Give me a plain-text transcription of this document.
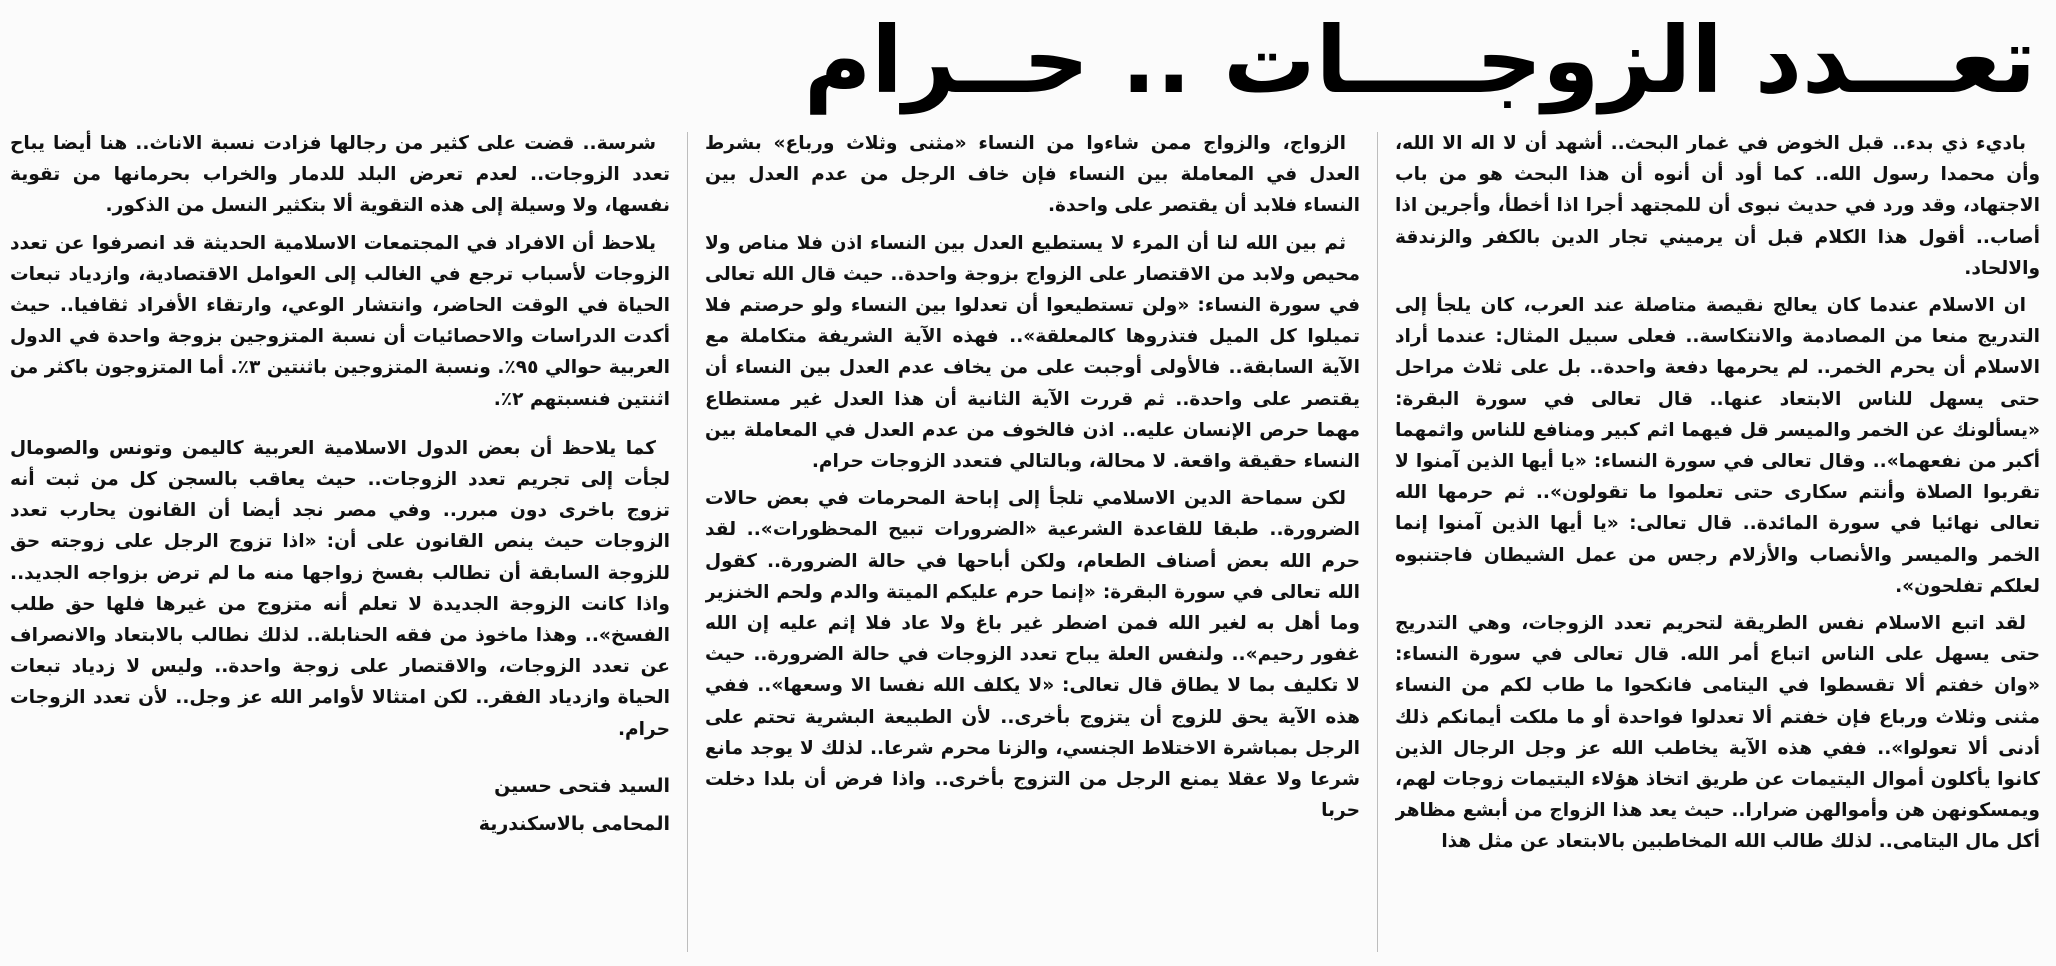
تعـــدد الزوجــــات .. حــرام

باديء ذي بدء.. قبل الخوض في غمار البحث.. أشهد أن لا اله الا الله، وأن محمدا رسول الله.. كما أود أن أنوه أن هذا البحث هو من باب الاجتهاد، وقد ورد في حديث نبوى أن للمجتهد أجرا اذا أخطأ، وأجرين اذا أصاب.. أقول هذا الكلام قبل أن يرميني تجار الدين بالكفر والزندقة والالحاد.

ان الاسلام عندما كان يعالج نقيصة متاصلة عند العرب، كان يلجأ إلى التدريج منعا من المصادمة والانتكاسة.. فعلى سبيل المثال: عندما أراد الاسلام أن يحرم الخمر.. لم يحرمها دفعة واحدة.. بل على ثلاث مراحل حتى يسهل للناس الابتعاد عنها.. قال تعالى في سورة البقرة: «يسألونك عن الخمر والميسر قل فيهما اثم كبير ومنافع للناس واثمهما أكبر من نفعهما».. وقال تعالى في سورة النساء: «يا أيها الذين آمنوا لا تقربوا الصلاة وأنتم سكارى حتى تعلموا ما تقولون».. ثم حرمها الله تعالى نهائيا في سورة المائدة.. قال تعالى: «يا أيها الذين آمنوا إنما الخمر والميسر والأنصاب والأزلام رجس من عمل الشيطان فاجتنبوه لعلكم تفلحون».

لقد اتبع الاسلام نفس الطريقة لتحريم تعدد الزوجات، وهي التدريج حتى يسهل على الناس اتباع أمر الله. قال تعالى في سورة النساء: «وان خفتم ألا تقسطوا في اليتامى فانكحوا ما طاب لكم من النساء مثنى وثلاث ورباع فإن خفتم ألا تعدلوا فواحدة أو ما ملكت أيمانكم ذلك أدنى ألا تعولوا».. ففي هذه الآية يخاطب الله عز وجل الرجال الذين كانوا يأكلون أموال اليتيمات عن طريق اتخاذ هؤلاء اليتيمات زوجات لهم، ويمسكونهن هن وأموالهن ضرارا.. حيث يعد هذا الزواج من أبشع مظاهر أكل مال اليتامى.. لذلك طالب الله المخاطبين بالابتعاد عن مثل هذا

الزواج، والزواج ممن شاءوا من النساء «مثنى وثلاث ورباع» بشرط العدل في المعاملة بين النساء فإن خاف الرجل من عدم العدل بين النساء فلابد أن يقتصر على واحدة.

ثم بين الله لنا أن المرء لا يستطيع العدل بين النساء اذن فلا مناص ولا محيص ولابد من الاقتصار على الزواج بزوجة واحدة.. حيث قال الله تعالى في سورة النساء: «ولن تستطيعوا أن تعدلوا بين النساء ولو حرصتم فلا تميلوا كل الميل فتذروها كالمعلقة».. فهذه الآية الشريفة متكاملة مع الآية السابقة.. فالأولى أوجبت على من يخاف عدم العدل بين النساء أن يقتصر على واحدة.. ثم قررت الآية الثانية أن هذا العدل غير مستطاع مهما حرص الإنسان عليه.. اذن فالخوف من عدم العدل في المعاملة بين النساء حقيقة واقعة. لا محالة، وبالتالي فتعدد الزوجات حرام.

لكن سماحة الدين الاسلامي تلجأ إلى إباحة المحرمات في بعض حالات الضرورة.. طبقا للقاعدة الشرعية «الضرورات تبيح المحظورات».. لقد حرم الله بعض أصناف الطعام، ولكن أباحها في حالة الضرورة.. كقول الله تعالى في سورة البقرة: «إنما حرم عليكم الميتة والدم ولحم الخنزير وما أهل به لغير الله فمن اضطر غير باغ ولا عاد فلا إثم عليه إن الله غفور رحيم».. ولنفس العلة يباح تعدد الزوجات في حالة الضرورة.. حيث لا تكليف بما لا يطاق قال تعالى: «لا يكلف الله نفسا الا وسعها».. ففي هذه الآية يحق للزوج أن يتزوج بأخرى.. لأن الطبيعة البشرية تحتم على الرجل بمباشرة الاختلاط الجنسي، والزنا محرم شرعا.. لذلك لا يوجد مانع شرعا ولا عقلا يمنع الرجل من التزوج بأخرى.. واذا فرض أن بلدا دخلت حربا

شرسة.. قضت على كثير من رجالها فزادت نسبة الاناث.. هنا أيضا يباح تعدد الزوجات.. لعدم تعرض البلد للدمار والخراب بحرمانها من تقوية نفسها، ولا وسيلة إلى هذه التقوية ألا بتكثير النسل من الذكور.

يلاحظ أن الافراد في المجتمعات الاسلامية الحديثة قد انصرفوا عن تعدد الزوجات لأسباب ترجع في الغالب إلى العوامل الاقتصادية، وازدياد تبعات الحياة في الوقت الحاضر، وانتشار الوعي، وارتقاء الأفراد ثقافيا.. حيث أكدت الدراسات والاحصائيات أن نسبة المتزوجين بزوجة واحدة في الدول العربية حوالي ٩٥٪. ونسبة المتزوجين باثنتين ٣٪. أما المتزوجون باكثر من اثنتين فنسبتهم ٢٪.

كما يلاحظ أن بعض الدول الاسلامية العربية كاليمن وتونس والصومال لجأت إلى تجريم تعدد الزوجات.. حيث يعاقب بالسجن كل من ثبت أنه تزوج باخرى دون مبرر.. وفي مصر نجد أيضا أن القانون يحارب تعدد الزوجات حيث ينص القانون على أن: «اذا تزوج الرجل على زوجته حق للزوجة السابقة أن تطالب بفسخ زواجها منه ما لم ترض بزواجه الجديد.. واذا كانت الزوجة الجديدة لا تعلم أنه متزوج من غيرها فلها حق طلب الفسخ».. وهذا ماخوذ من فقه الحنابلة.. لذلك نطالب بالابتعاد والانصراف عن تعدد الزوجات، والاقتصار على زوجة واحدة.. وليس لا زدياد تبعات الحياة وازدياد الفقر.. لكن امتثالا لأوامر الله عز وجل.. لأن تعدد الزوجات حرام.

السيد فتحى حسين
المحامى بالاسكندرية
